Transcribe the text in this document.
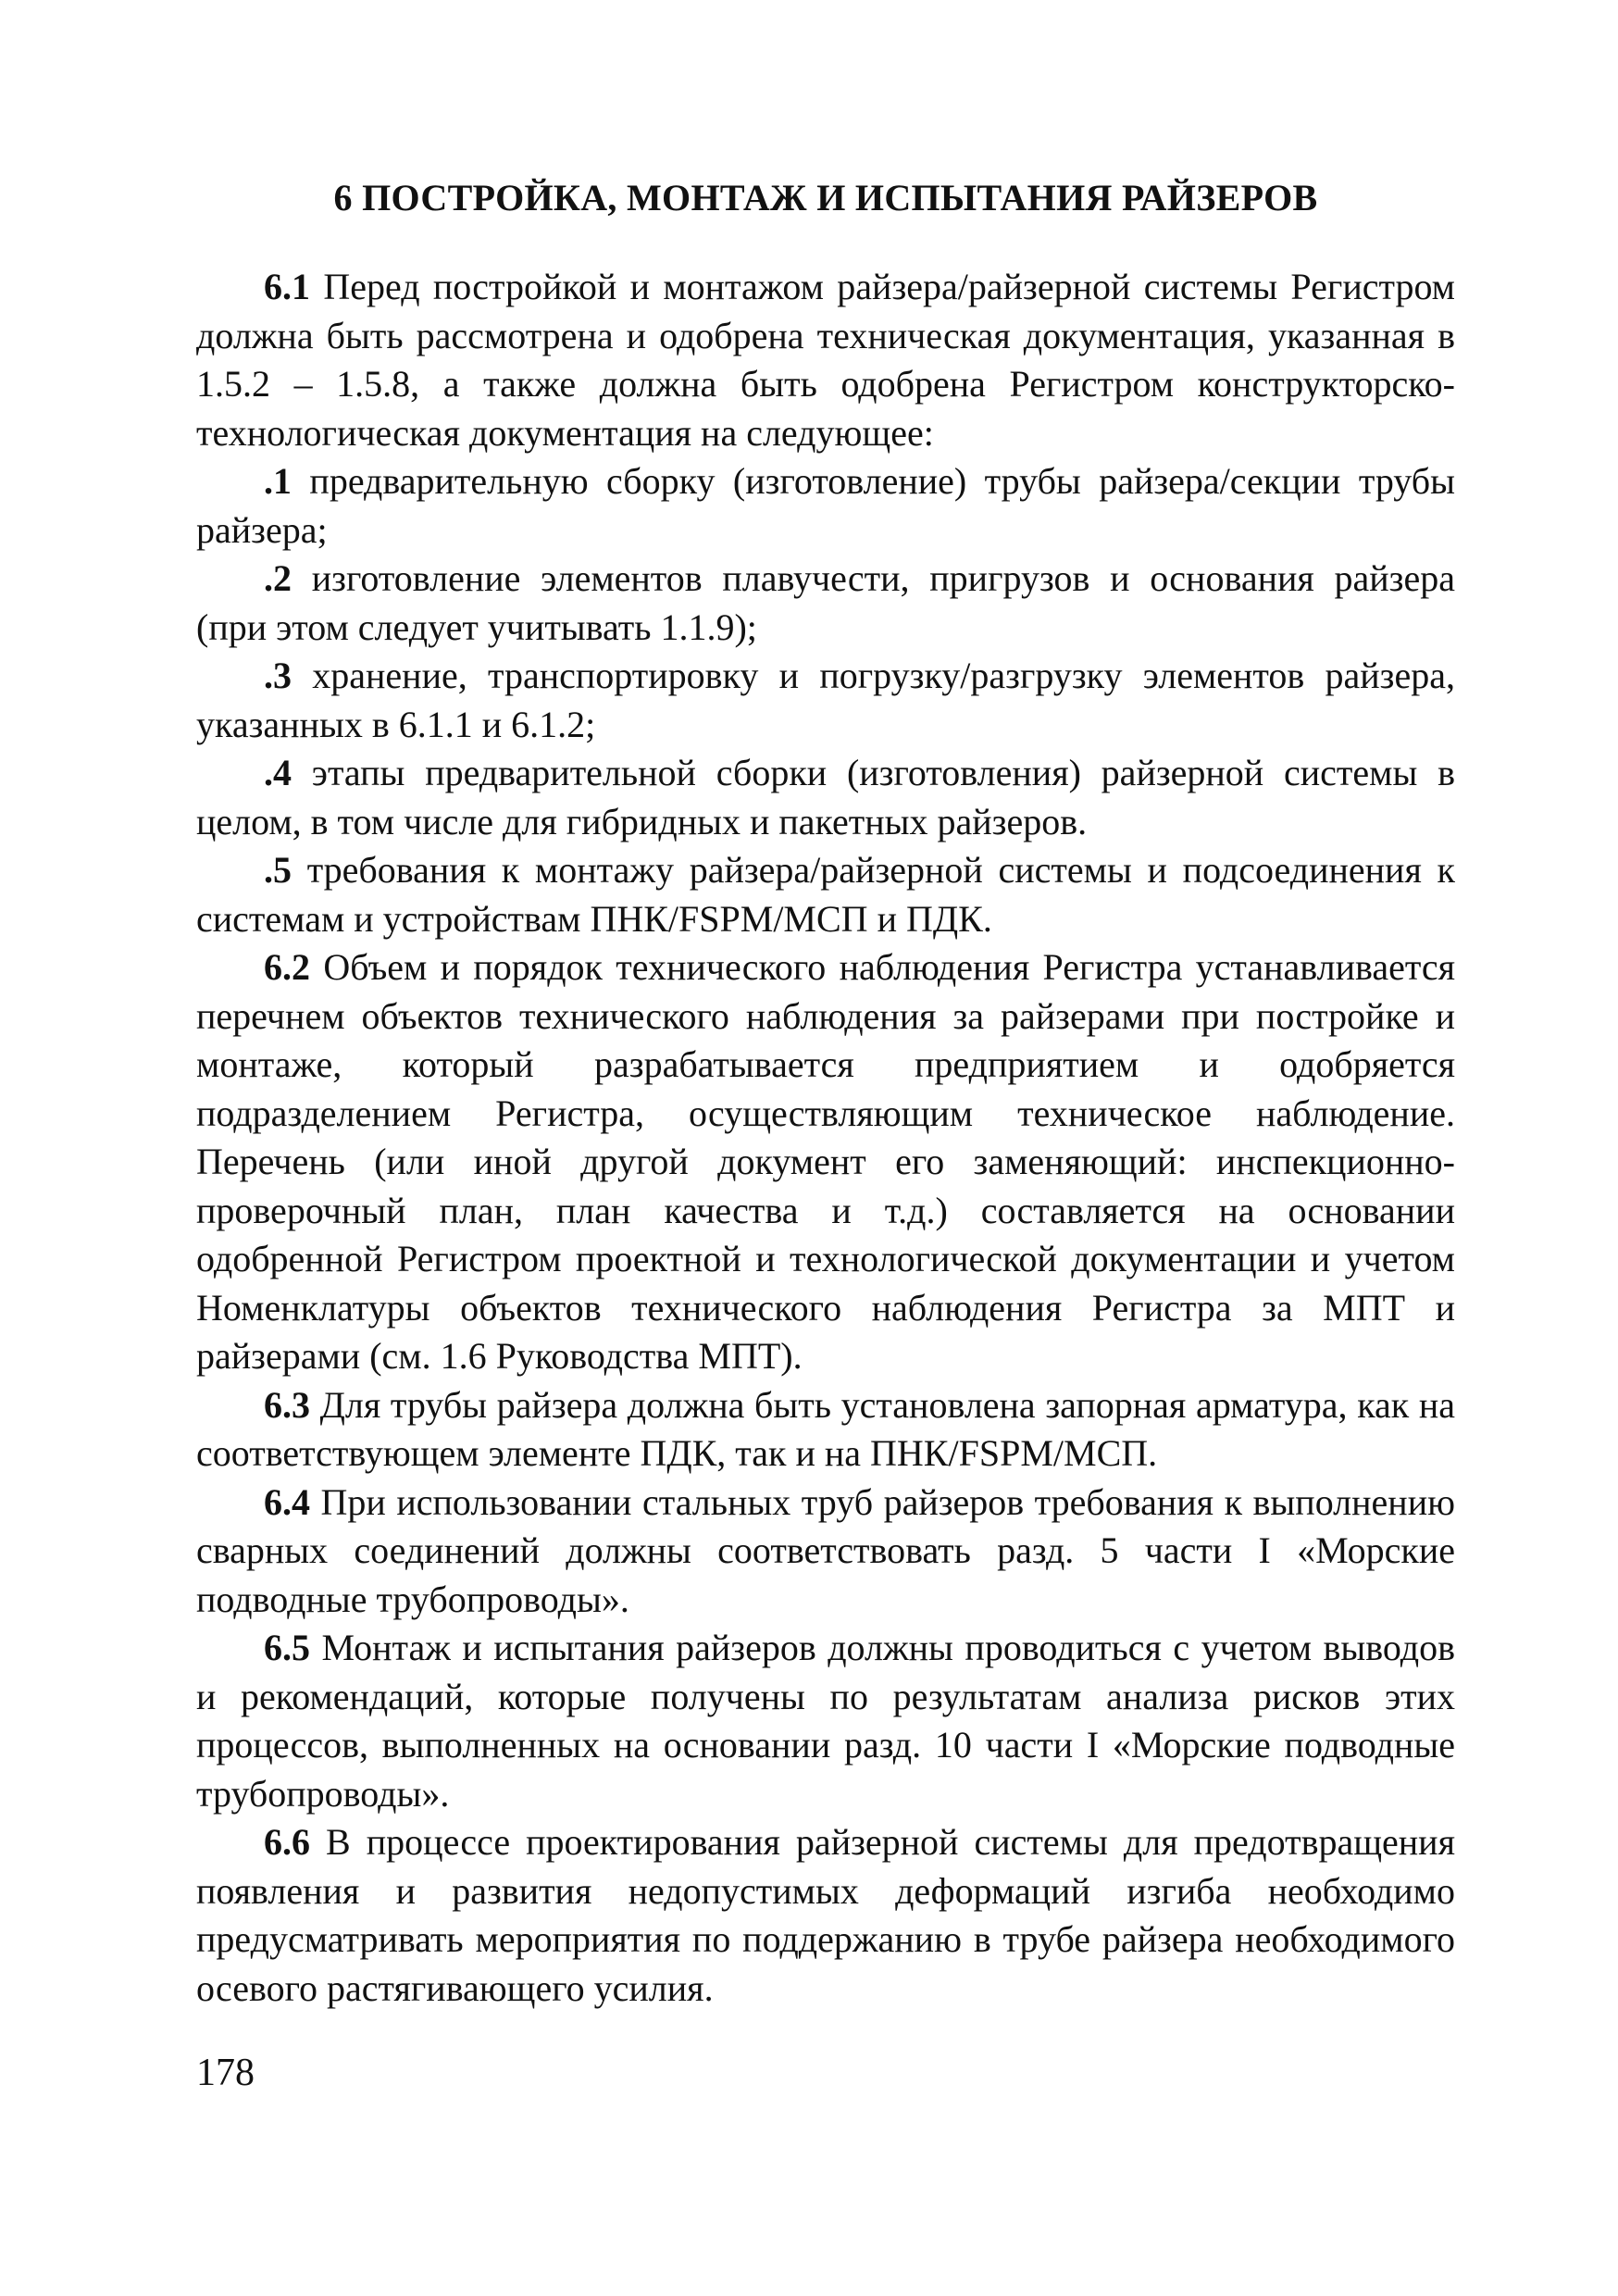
6 ПОСТРОЙКА, МОНТАЖ И ИСПЫТАНИЯ РАЙЗЕРОВ

6.1 Перед постройкой и монтажом райзера/райзерной системы Регистром должна быть рассмотрена и одобрена техническая документация, указанная в 1.5.2 – 1.5.8, а также должна быть одобрена Регистром конструкторско-технологическая документация на следующее:

.1 предварительную сборку (изготовление) трубы райзера/секции трубы райзера;

.2 изготовление элементов плавучести, пригрузов и основания райзера (при этом следует учитывать 1.1.9);

.3 хранение, транспортировку и погрузку/разгрузку элементов райзера, указанных в 6.1.1 и 6.1.2;

.4 этапы предварительной сборки (изготовления) райзерной системы в целом, в том числе для гибридных и пакетных райзеров.

.5 требования к монтажу райзера/райзерной системы и подсоединения к системам и устройствам ПНК/FSPM/МСП и ПДК.

6.2 Объем и порядок технического наблюдения Регистра устанавливается перечнем объектов технического наблюдения за райзерами при постройке и монтаже, который разрабатывается предприятием и одобряется подразделением Регистра, осуществляющим техническое наблюдение. Перечень (или иной другой документ его заменяющий: инспекционно-проверочный план, план качества и т.д.) составляется на основании одобренной Регистром проектной и технологической документации и учетом Номенклатуры объектов технического наблюдения Регистра за МПТ и райзерами (см. 1.6 Руководства МПТ).

6.3 Для трубы райзера должна быть установлена запорная арматура, как на соответствующем элементе ПДК, так и на ПНК/FSPM/МСП.

6.4 При использовании стальных труб райзеров требования к выполнению сварных соединений должны соответствовать разд. 5 части I «Морские подводные трубопроводы».

6.5 Монтаж и испытания райзеров должны проводиться с учетом выводов и рекомендаций, которые получены по результатам анализа рисков этих процессов, выполненных на основании разд. 10 части I «Морские подводные трубопроводы».

6.6 В процессе проектирования райзерной системы для предотвращения появления и развития недопустимых деформаций изгиба необходимо предусматривать мероприятия по поддержанию в трубе райзера необходимого осевого растягивающего усилия.

178
